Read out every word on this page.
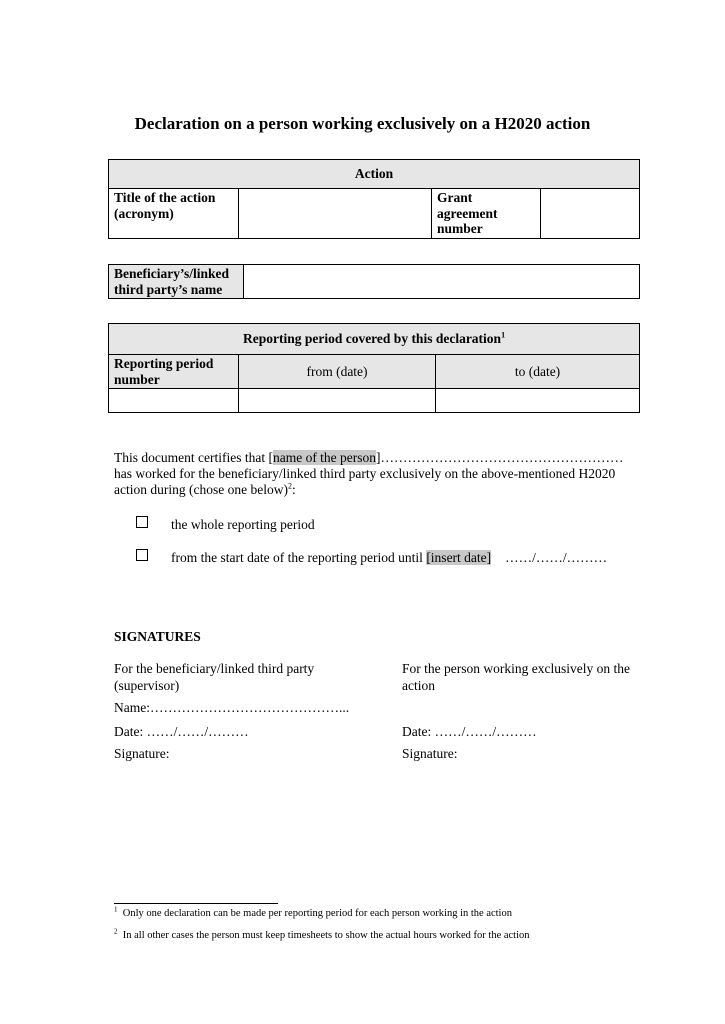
Declaration on a person working exclusively on a H2020 action
Action
Title of the action (acronym)		Grant agreement number	
Beneficiary’s/linked third party’s name	
Reporting period covered by this declaration$^1$
Reporting period number	from (date)	to (date)

This document certifies that [name of the person]……………………………………………… has worked for the beneficiary/linked third party exclusively on the above-mentioned H2020 action during (chose one below)$^2$:
the whole reporting period
from the start date of the reporting period until [insert date] ……/……/………
SIGNATURES
For the beneficiary/linked third party (supervisor)
Name:……………………………………...
Date: ……/……/………
Signature:
For the person working exclusively on the action
Date: ……/……/………
Signature:
$^1$ Only one declaration can be made per reporting period for each person working in the action
$^2$ In all other cases the person must keep timesheets to show the actual hours worked for the action
